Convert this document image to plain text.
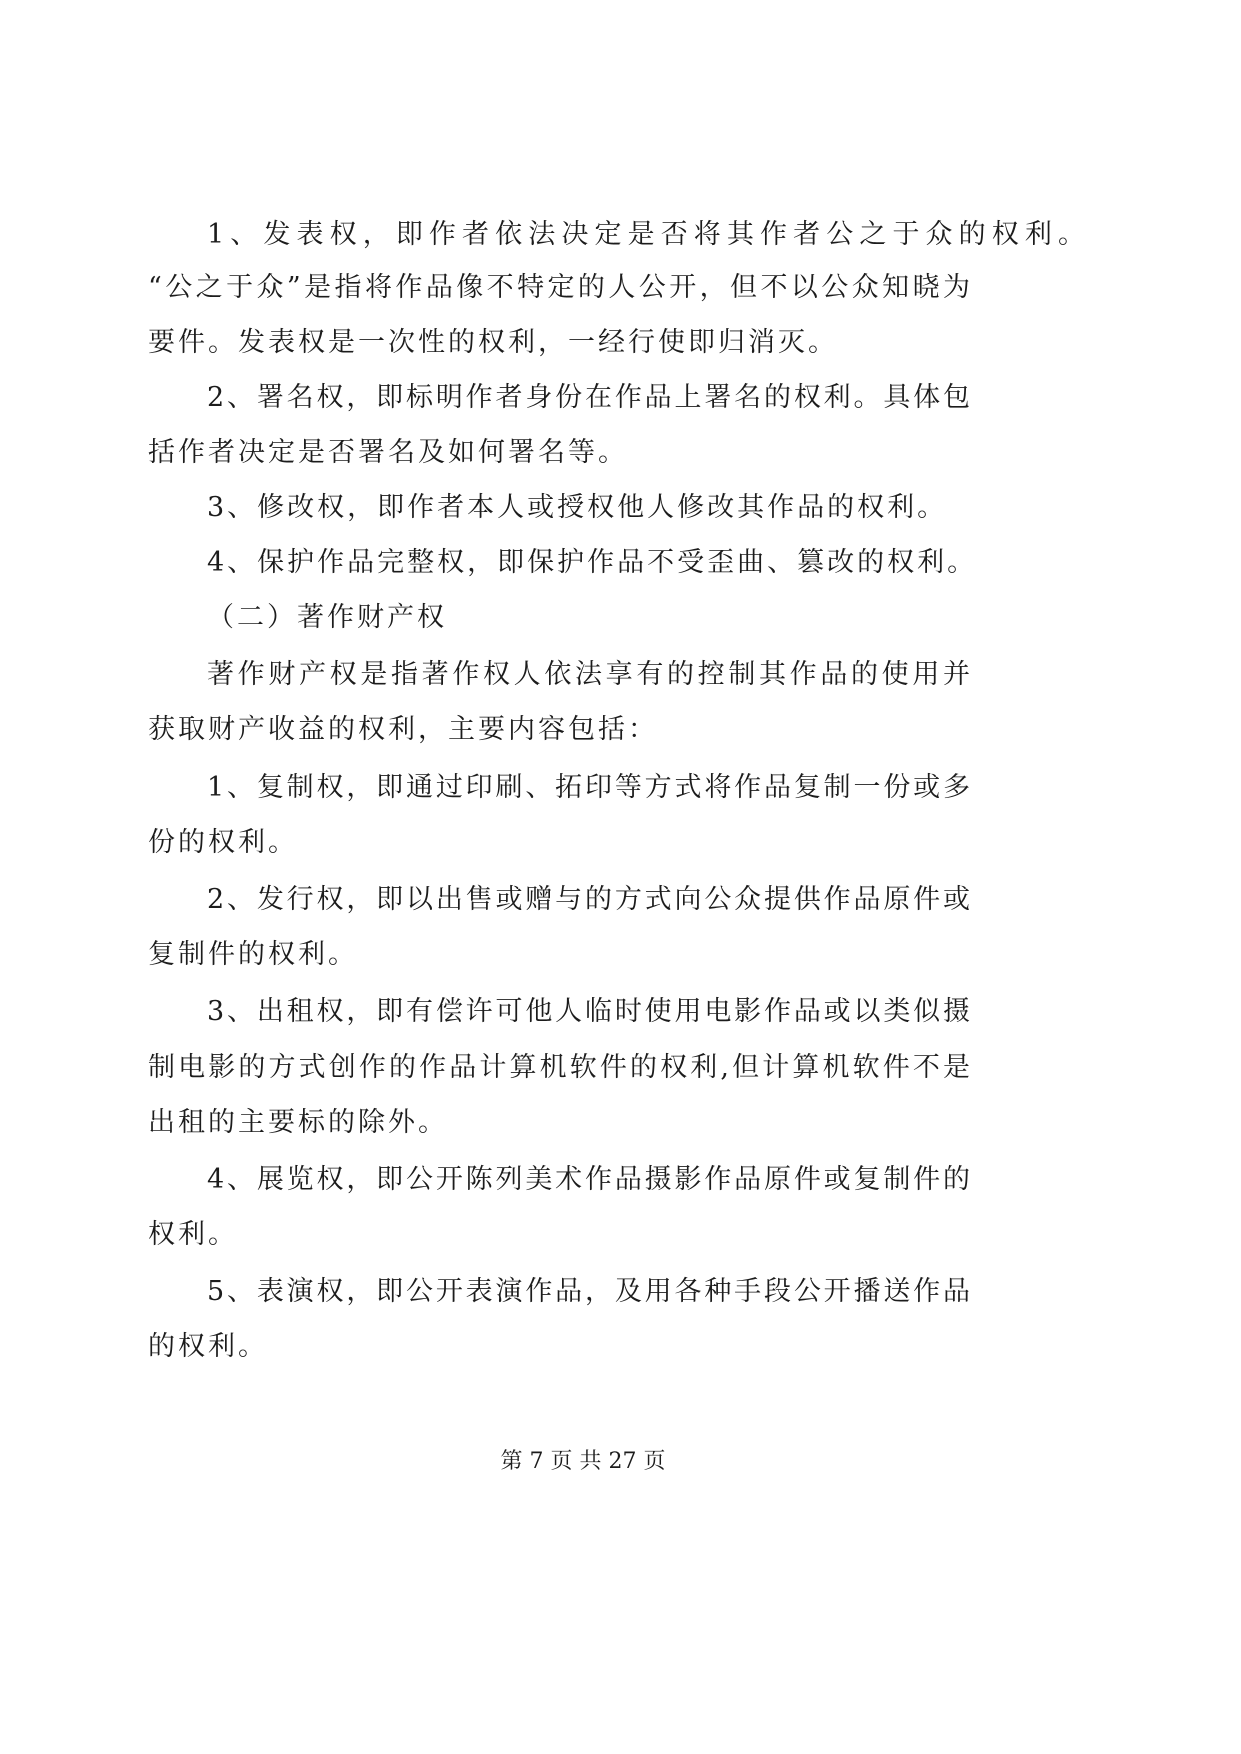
1、发表权，即作者依法决定是否将其作者公之于众的权利。
“公之于众”是指将作品像不特定的人公开，但不以公众知晓为
要件。发表权是一次性的权利，一经行使即归消灭。
2、署名权，即标明作者身份在作品上署名的权利。具体包
括作者决定是否署名及如何署名等。
3、修改权，即作者本人或授权他人修改其作品的权利。
4、保护作品完整权，即保护作品不受歪曲、篡改的权利。
（二）著作财产权
著作财产权是指著作权人依法享有的控制其作品的使用并
获取财产收益的权利，主要内容包括：
1、复制权，即通过印刷、拓印等方式将作品复制一份或多
份的权利。
2、发行权，即以出售或赠与的方式向公众提供作品原件或
复制件的权利。
3、出租权，即有偿许可他人临时使用电影作品或以类似摄
制电影的方式创作的作品计算机软件的权利,但计算机软件不是
出租的主要标的除外。
4、展览权，即公开陈列美术作品摄影作品原件或复制件的
权利。
5、表演权，即公开表演作品，及用各种手段公开播送作品
的权利。
第 7 页 共 27 页
